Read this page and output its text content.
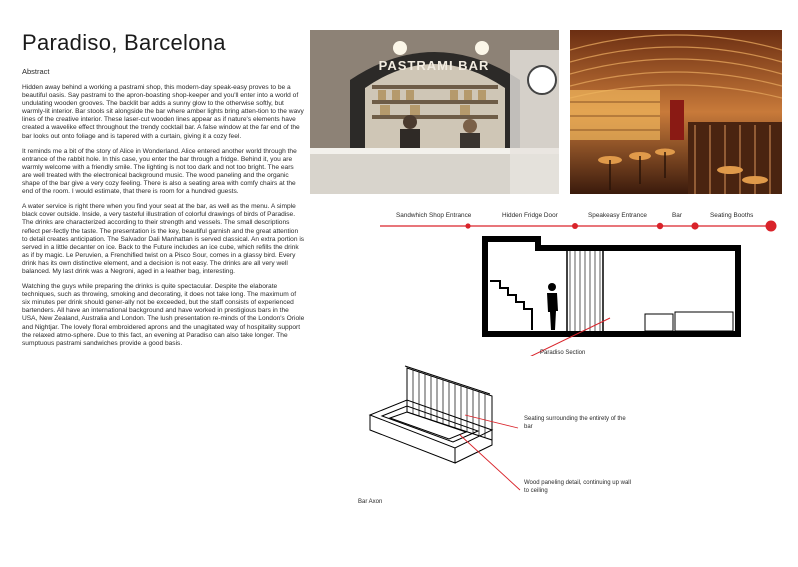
Paradiso, Barcelona
Abstract

Hidden away behind a working a pastrami shop, this modern-day speak-easy proves to be a beautiful oasis. Say pastrami to the apron-boasting shop-keeper and you'll enter into a world of undulating wooden grooves. The backlit bar adds a sunny glow to the otherwise softly, but warmly-lit interior. Bar stools sit alongside the bar where amber lights bring atten-tion to the wavy lines of the creative interior. These laser-cut wooden lines appear as if nature's elements have created a wavelike effect throughout the trendy cocktail bar. A false window at the far end of the bar looks out onto foliage and is tapered with a curtain, giving it a cozy feel.

It reminds me a bit of the story of Alice in Wonderland. Alice entered another world through the entrance of the rabbit hole. In this case, you enter the bar through a fridge. Behind it, you are warmly welcome with a friendly smile. The lighting is not too dark and not too bright. The ears are well treated with the electronical background music. The wood paneling and the organic shape of the bar give a very cozy feeling. There is also a seating area with comfy chairs at the end of the room. I would estimate, that there is room for a hundred guests.

A water service is right there when you find your seat at the bar, as well as the menu. A simple black cover outside. Inside, a very tasteful illustration of colorful drawings of birds of Paradise. The drinks are characterized according to their strength and vessels. The small descriptions reflect per-fectly the taste. The presentation is the key, beautiful garnish and the great attention to detail creates anticipation. The Salvador Dali Manhattan is served classical. An extra portion is served in a little decanter on ice. Back to the Future includes an ice cube, which refills the drink as if by magic. Le Peruvien, a Frenchified twist on a Pisco Sour, comes in a glassy bird. Every drink has its own distinctive element, and a decision is not easy. The drinks are all very well balanced. My last drink was a Negroni, aged in a leather bag, interesting.

Watching the guys while preparing the drinks is quite spectacular. Despite the elaborate techniques, such as throwing, smoking and decorating, it does not take long. The maximum of six minutes per drink should gener-ally not be exceeded, but the staff consists of experienced bartenders. All have an international background and have worked in prestigious bars in the USA, New Zealand, Australia and London. The lush presentation re-minds of the London's Oriole and Nightjar. The lovely floral embroidered aprons and the unagitated way of hospitality support the relaxed atmo-sphere. Due to this fact, an evening at Paradiso can also take longer. The sumptuous pastrami sandwiches provide a good basis.

PASTRAMI BAR
Sandwhich Shop Entrance	Hidden Fridge Door	Speakeasy Entrance	Bar	Seating Booths
Paradiso Section
Bar Axon
Seating surrounding the entirety of the bar
Wood paneling detail, continuing up wall to ceiling
